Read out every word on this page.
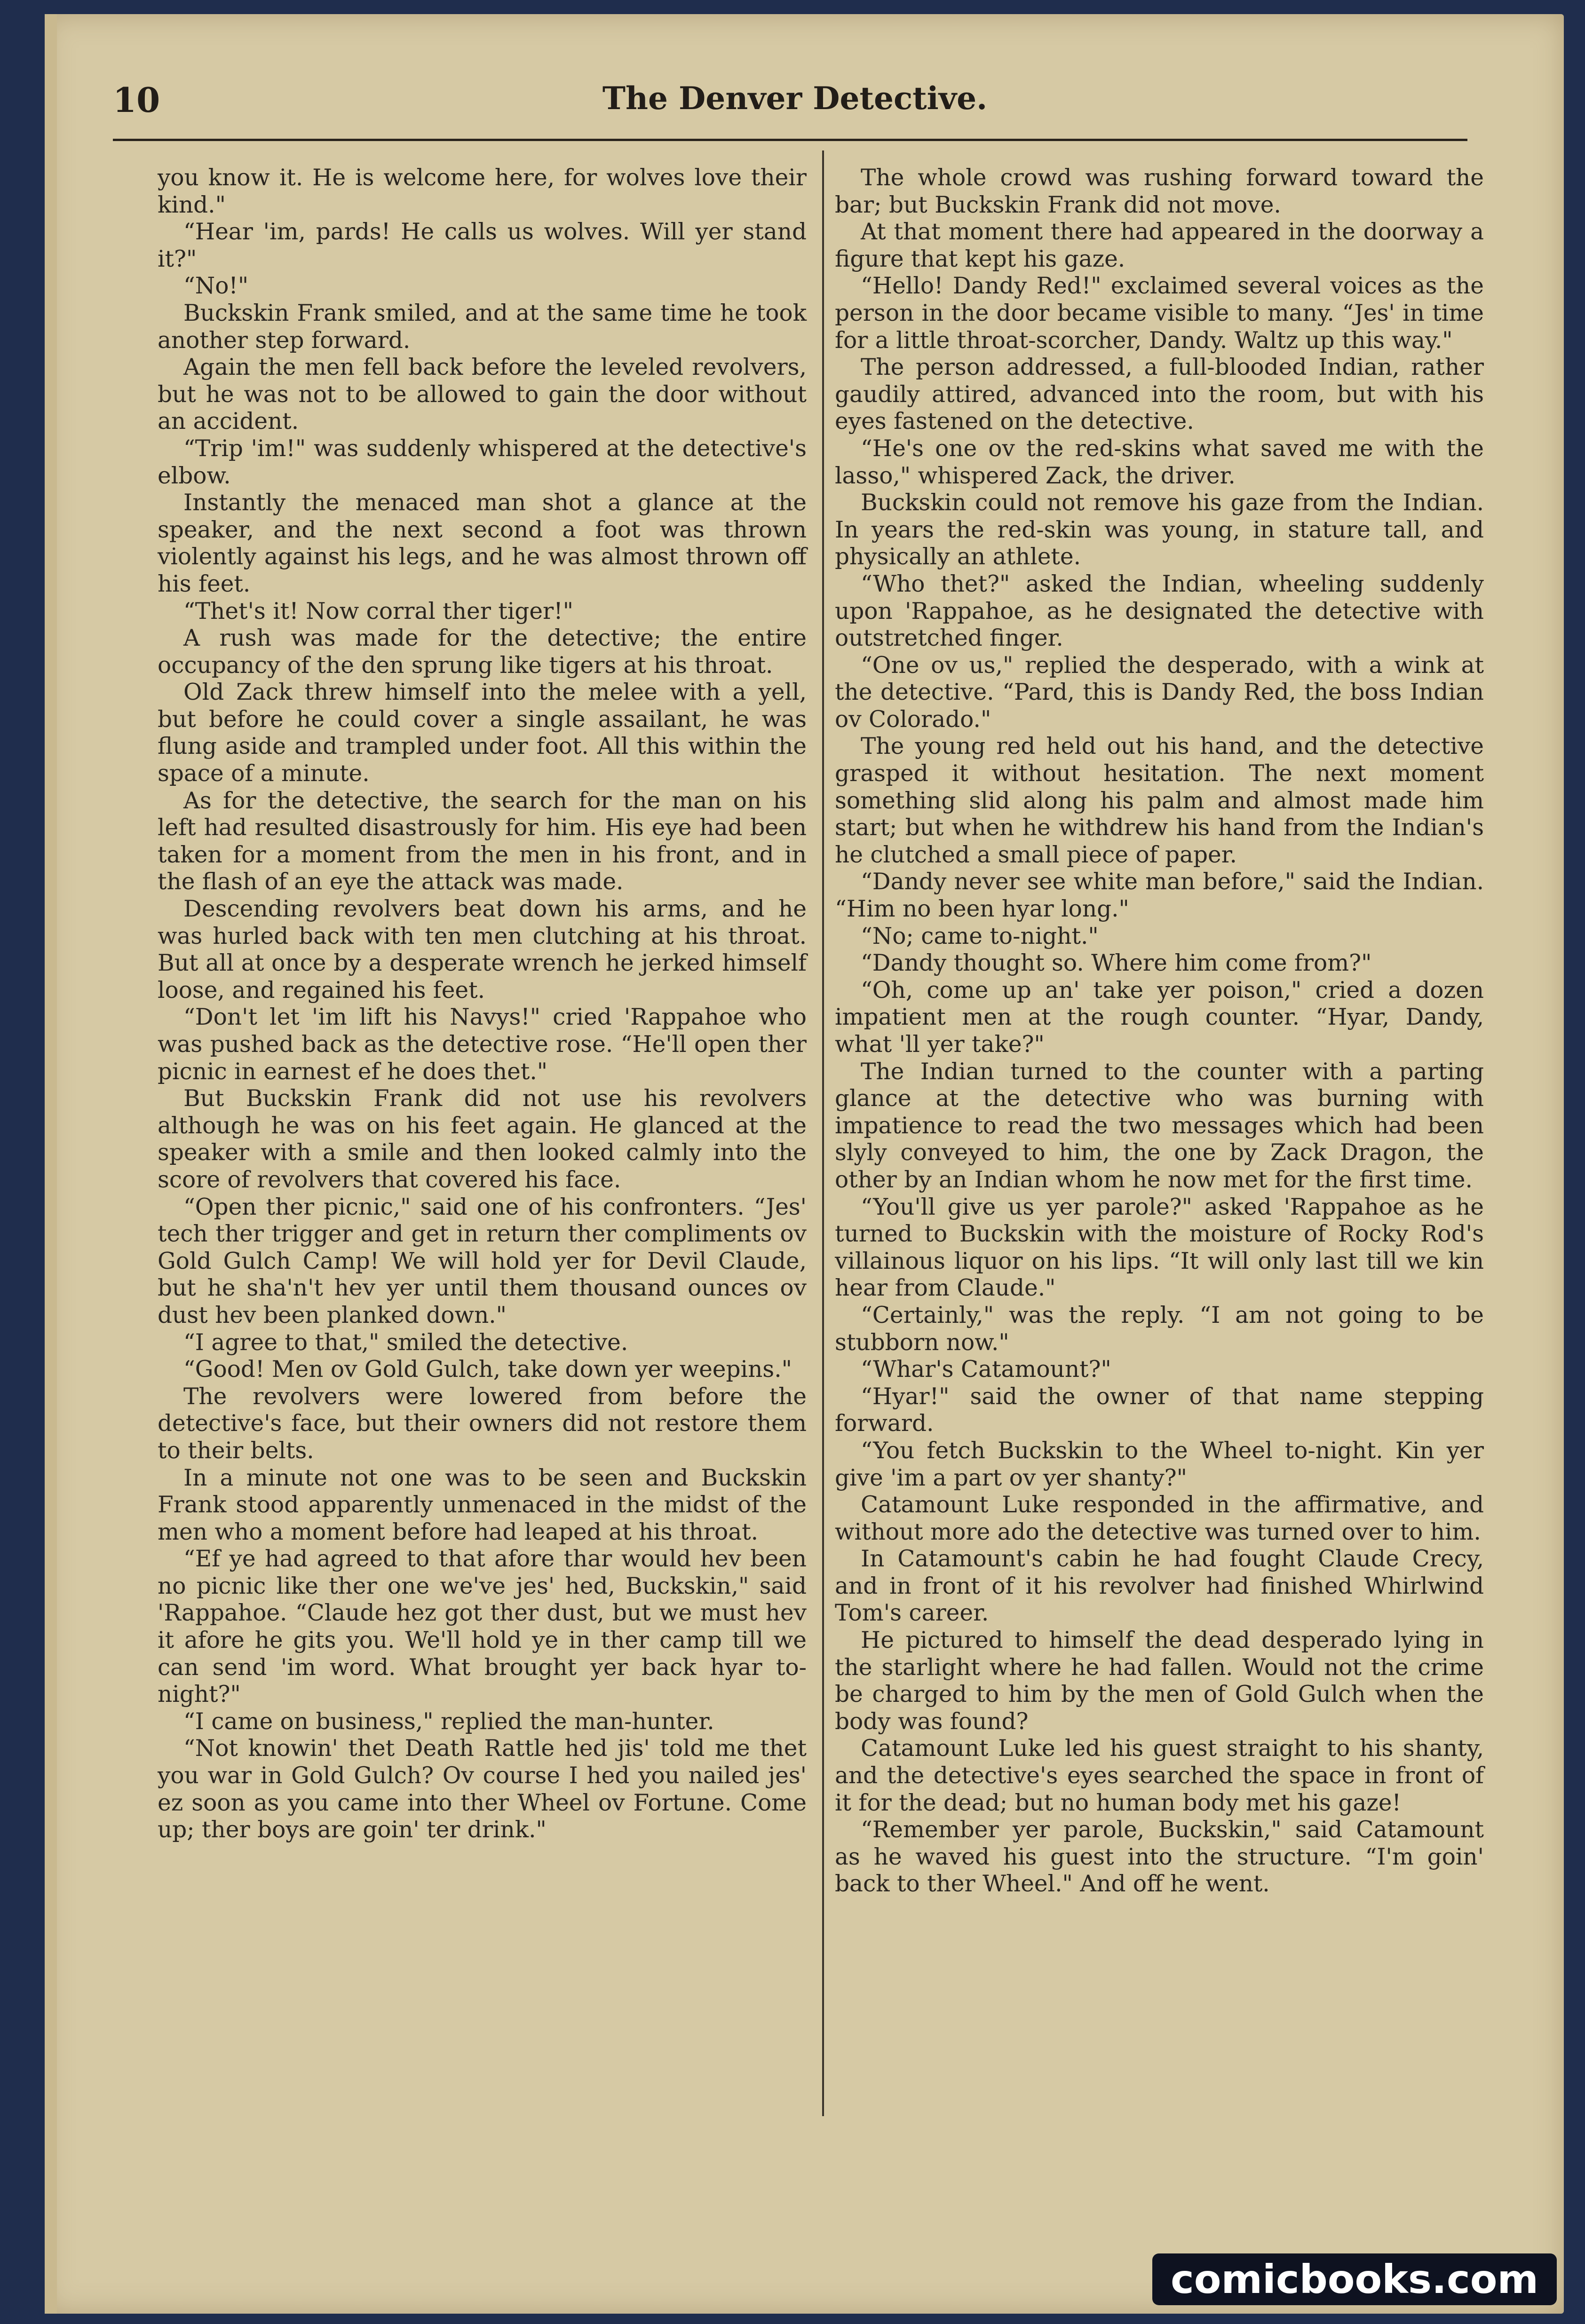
10	The Denver Detective.

you know it. He is welcome here, for wolves love their kind."

“Hear 'im, pards! He calls us wolves. Will yer stand it?"

“No!"

Buckskin Frank smiled, and at the same time he took another step forward.

Again the men fell back before the leveled revolvers, but he was not to be allowed to gain the door without an accident.

“Trip 'im!" was suddenly whispered at the detective's elbow.

Instantly the menaced man shot a glance at the speaker, and the next second a foot was thrown violently against his legs, and he was almost thrown off his feet.

“Thet's it! Now corral ther tiger!"

A rush was made for the detective; the entire occupancy of the den sprung like tigers at his throat.

Old Zack threw himself into the melee with a yell, but before he could cover a single assailant, he was flung aside and trampled under foot. All this within the space of a minute.

As for the detective, the search for the man on his left had resulted disastrously for him. His eye had been taken for a moment from the men in his front, and in the flash of an eye the attack was made.

Descending revolvers beat down his arms, and he was hurled back with ten men clutching at his throat. But all at once by a desperate wrench he jerked himself loose, and regained his feet.

“Don't let 'im lift his Navys!" cried 'Rappahoe who was pushed back as the detective rose. “He'll open ther picnic in earnest ef he does thet."

But Buckskin Frank did not use his revolvers although he was on his feet again. He glanced at the speaker with a smile and then looked calmly into the score of revolvers that covered his face.

“Open ther picnic," said one of his confronters. “Jes' tech ther trigger and get in return ther compliments ov Gold Gulch Camp! We will hold yer for Devil Claude, but he sha'n't hev yer until them thousand ounces ov dust hev been planked down."

“I agree to that," smiled the detective.

“Good! Men ov Gold Gulch, take down yer weepins."

The revolvers were lowered from before the detective's face, but their owners did not restore them to their belts.

In a minute not one was to be seen and Buckskin Frank stood apparently unmenaced in the midst of the men who a moment before had leaped at his throat.

“Ef ye had agreed to that afore thar would hev been no picnic like ther one we've jes' hed, Buckskin," said 'Rappahoe. “Claude hez got ther dust, but we must hev it afore he gits you. We'll hold ye in ther camp till we can send 'im word. What brought yer back hyar to-night?"

“I came on business," replied the man-hunter.

“Not knowin' thet Death Rattle hed jis' told me thet you war in Gold Gulch? Ov course I hed you nailed jes' ez soon as you came into ther Wheel ov Fortune. Come up; ther boys are goin' ter drink."

The whole crowd was rushing forward toward the bar; but Buckskin Frank did not move.

At that moment there had appeared in the doorway a figure that kept his gaze.

“Hello! Dandy Red!" exclaimed several voices as the person in the door became visible to many. “Jes' in time for a little throat-scorcher, Dandy. Waltz up this way."

The person addressed, a full-blooded Indian, rather gaudily attired, advanced into the room, but with his eyes fastened on the detective.

“He's one ov the red-skins what saved me with the lasso," whispered Zack, the driver.

Buckskin could not remove his gaze from the Indian. In years the red-skin was young, in stature tall, and physically an athlete.

“Who thet?" asked the Indian, wheeling suddenly upon 'Rappahoe, as he designated the detective with outstretched finger.

“One ov us," replied the desperado, with a wink at the detective. “Pard, this is Dandy Red, the boss Indian ov Colorado."

The young red held out his hand, and the detective grasped it without hesitation. The next moment something slid along his palm and almost made him start; but when he withdrew his hand from the Indian's he clutched a small piece of paper.

“Dandy never see white man before," said the Indian. “Him no been hyar long."

“No; came to-night."

“Dandy thought so. Where him come from?"

“Oh, come up an' take yer poison," cried a dozen impatient men at the rough counter. “Hyar, Dandy, what 'll yer take?"

The Indian turned to the counter with a parting glance at the detective who was burning with impatience to read the two messages which had been slyly conveyed to him, the one by Zack Dragon, the other by an Indian whom he now met for the first time.

“You'll give us yer parole?" asked 'Rappahoe as he turned to Buckskin with the moisture of Rocky Rod's villainous liquor on his lips. “It will only last till we kin hear from Claude."

“Certainly," was the reply. “I am not going to be stubborn now."

“Whar's Catamount?"

“Hyar!" said the owner of that name stepping forward.

“You fetch Buckskin to the Wheel to-night. Kin yer give 'im a part ov yer shanty?"

Catamount Luke responded in the affirmative, and without more ado the detective was turned over to him.

In Catamount's cabin he had fought Claude Crecy, and in front of it his revolver had finished Whirlwind Tom's career.

He pictured to himself the dead desperado lying in the starlight where he had fallen. Would not the crime be charged to him by the men of Gold Gulch when the body was found?

Catamount Luke led his guest straight to his shanty, and the detective's eyes searched the space in front of it for the dead; but no human body met his gaze!

“Remember yer parole, Buckskin," said Catamount as he waved his guest into the structure. “I'm goin' back to ther Wheel." And off he went.

comicbooks.com
